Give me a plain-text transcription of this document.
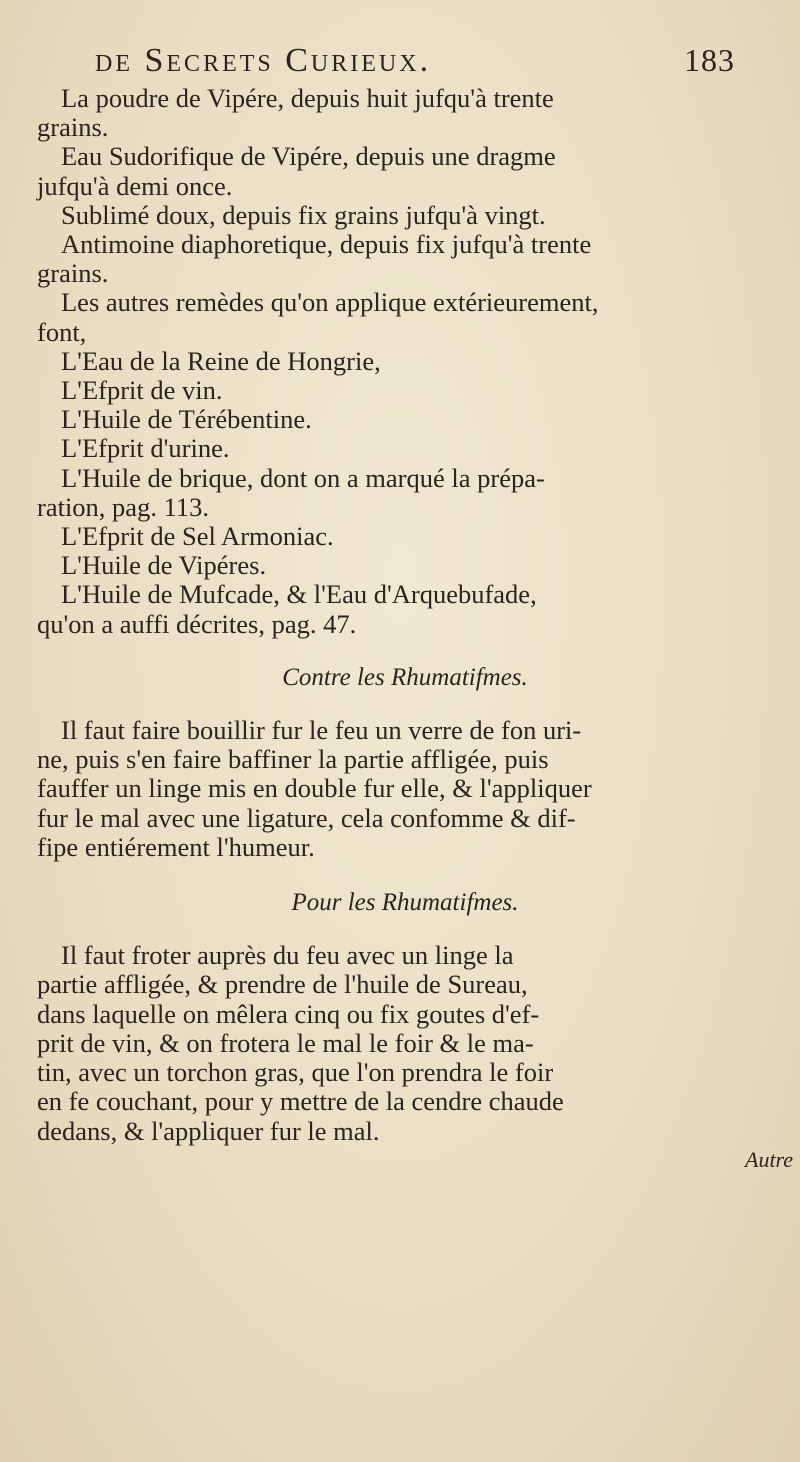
de Secrets Curieux.	183
La poudre de Vipére, depuis huit jufqu'à trente
grains.
Eau Sudorifique de Vipére, depuis une dragme
jufqu'à demi once.
Sublimé doux, depuis fix grains jufqu'à vingt.
Antimoine diaphoretique, depuis fix jufqu'à trente
grains.
Les autres remèdes qu'on applique extérieurement,
font,
L'Eau de la Reine de Hongrie,
L'Efprit de vin.
L'Huile de Térébentine.
L'Efprit d'urine.
L'Huile de brique, dont on a marqué la prépa-
ration, pag. 113.
L'Efprit de Sel Armoniac.
L'Huile de Vipéres.
L'Huile de Mufcade, & l'Eau d'Arquebufade,
qu'on a auffi décrites, pag. 47.

Contre les Rhumatifmes.

Il faut faire bouillir fur le feu un verre de fon uri-
ne, puis s'en faire baffiner la partie affligée, puis
fauffer un linge mis en double fur elle, & l'appliquer
fur le mal avec une ligature, cela confomme & dif-
fipe entiérement l'humeur.

Pour les Rhumatifmes.

Il faut froter auprès du feu avec un linge la
partie affligée, & prendre de l'huile de Sureau,
dans laquelle on mêlera cinq ou fix goutes d'ef-
prit de vin, & on frotera le mal le foir & le ma-
tin, avec un torchon gras, que l'on prendra le foir
en fe couchant, pour y mettre de la cendre chaude
dedans, & l'appliquer fur le mal.
Autre
